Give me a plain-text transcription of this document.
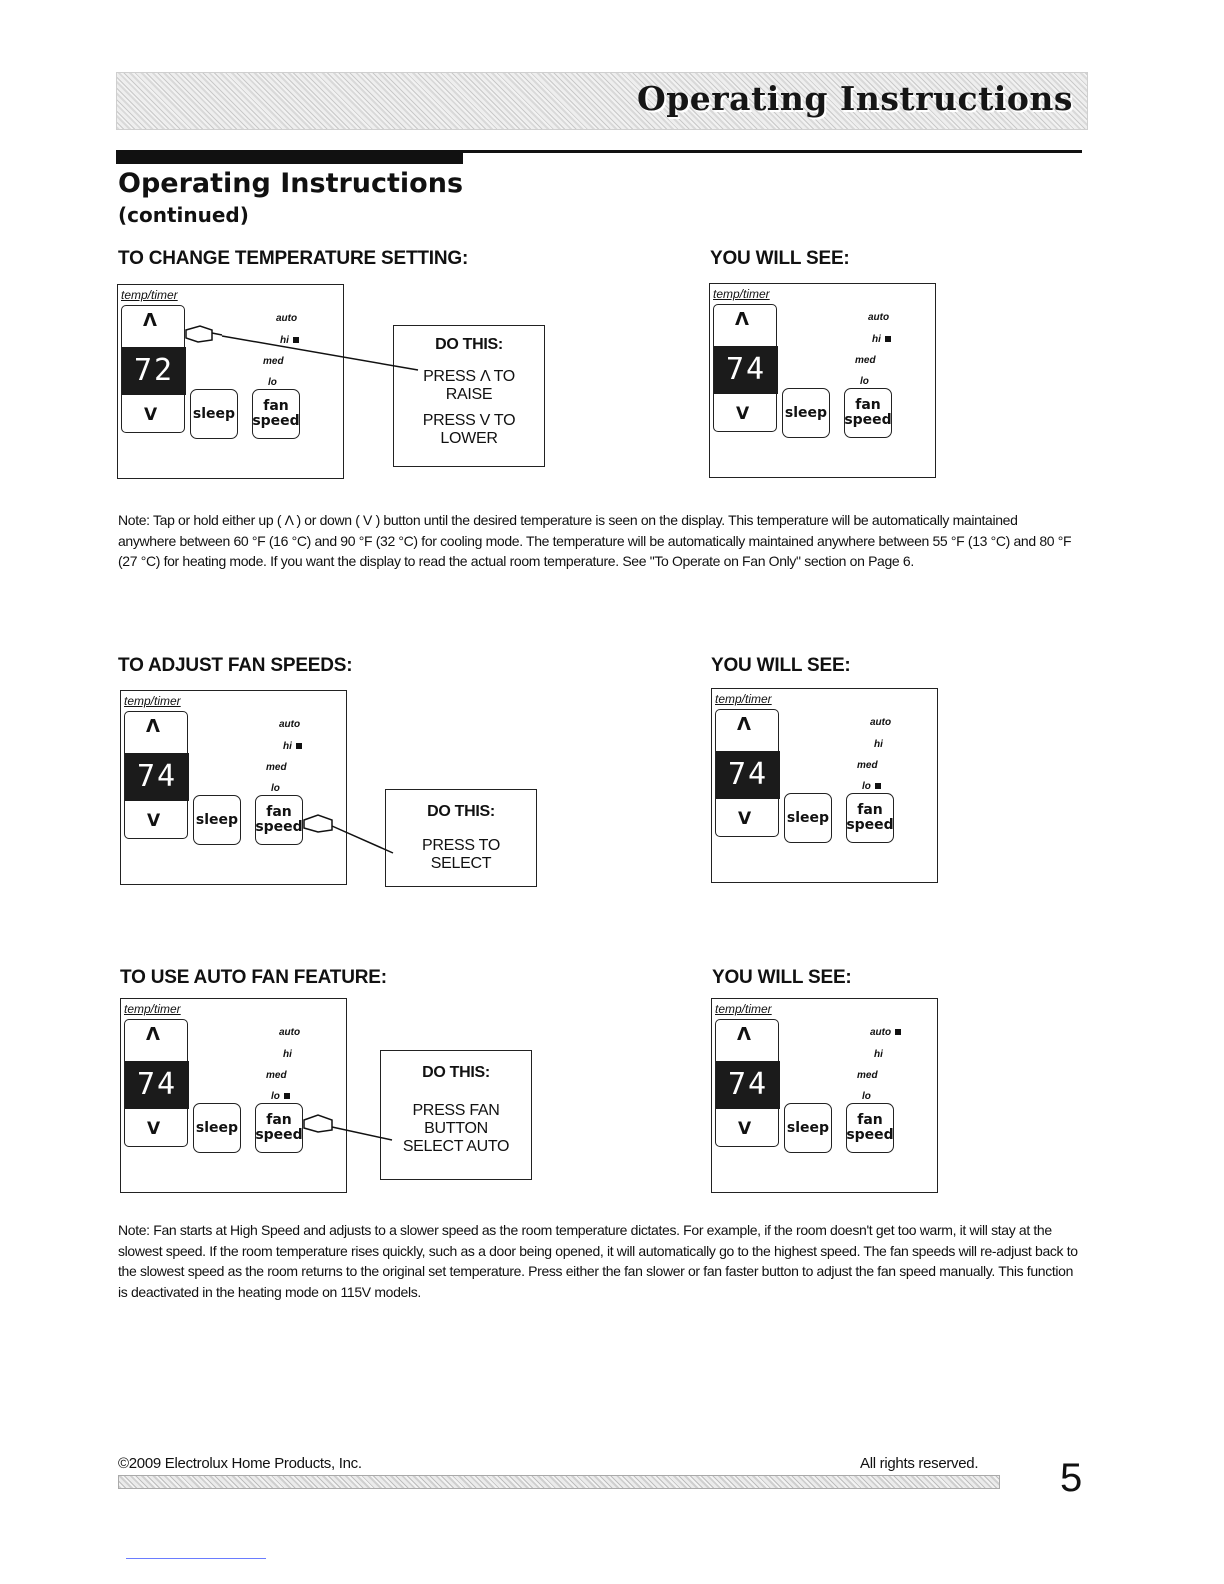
Operating Instructions
Operating Instructions
(continued)
TO CHANGE TEMPERATURE SETTING:	YOU WILL SEE:
temp/timer
Λ
72
V	sleep fan
speed
auto
hi
med
lo
DO THIS:
PRESS Λ TO
RAISE
PRESS V TO
LOWER
temp/timer
Λ
74
V	sleep fan
speed
auto
hi
med
lo
Note: Tap or hold either up ( Λ ) or down ( V ) button until the desired temperature is seen on the display. This temperature will be automatically maintained anywhere between 60 °F (16 °C) and 90 °F (32 °C) for cooling mode. The temperature will be automatically maintained anywhere between 55 °F (13 °C) and 80 °F (27 °C) for heating mode. If you want the display to read the actual room temperature. See "To Operate on Fan Only" section on Page 6.
TO ADJUST FAN SPEEDS:	YOU WILL SEE:
temp/timer
Λ
74
V	sleep fan
speed
auto
hi
med
lo
DO THIS:
PRESS TO
SELECT
temp/timer
Λ
74
V	sleep fan
speed
auto
hi
med
lo
TO USE AUTO FAN FEATURE:	YOU WILL SEE:
temp/timer
Λ
74
V	sleep fan
speed
auto
hi
med
lo
DO THIS:
PRESS FAN
BUTTON
SELECT AUTO
temp/timer
Λ
74
V	sleep fan
speed
auto
hi
med
lo
Note: Fan starts at High Speed and adjusts to a slower speed as the room temperature dictates. For example, if the room doesn't get too warm, it will stay at the slowest speed. If the room temperature rises quickly, such as a door being opened, it will automatically go to the highest speed. The fan speeds will re-adjust back to the slowest speed as the room returns to the original set temperature. Press either the fan slower or fan faster button to adjust the fan speed manually. This function is deactivated in the heating mode on 115V models.
©2009 Electrolux Home Products, Inc.	All rights reserved. 5
